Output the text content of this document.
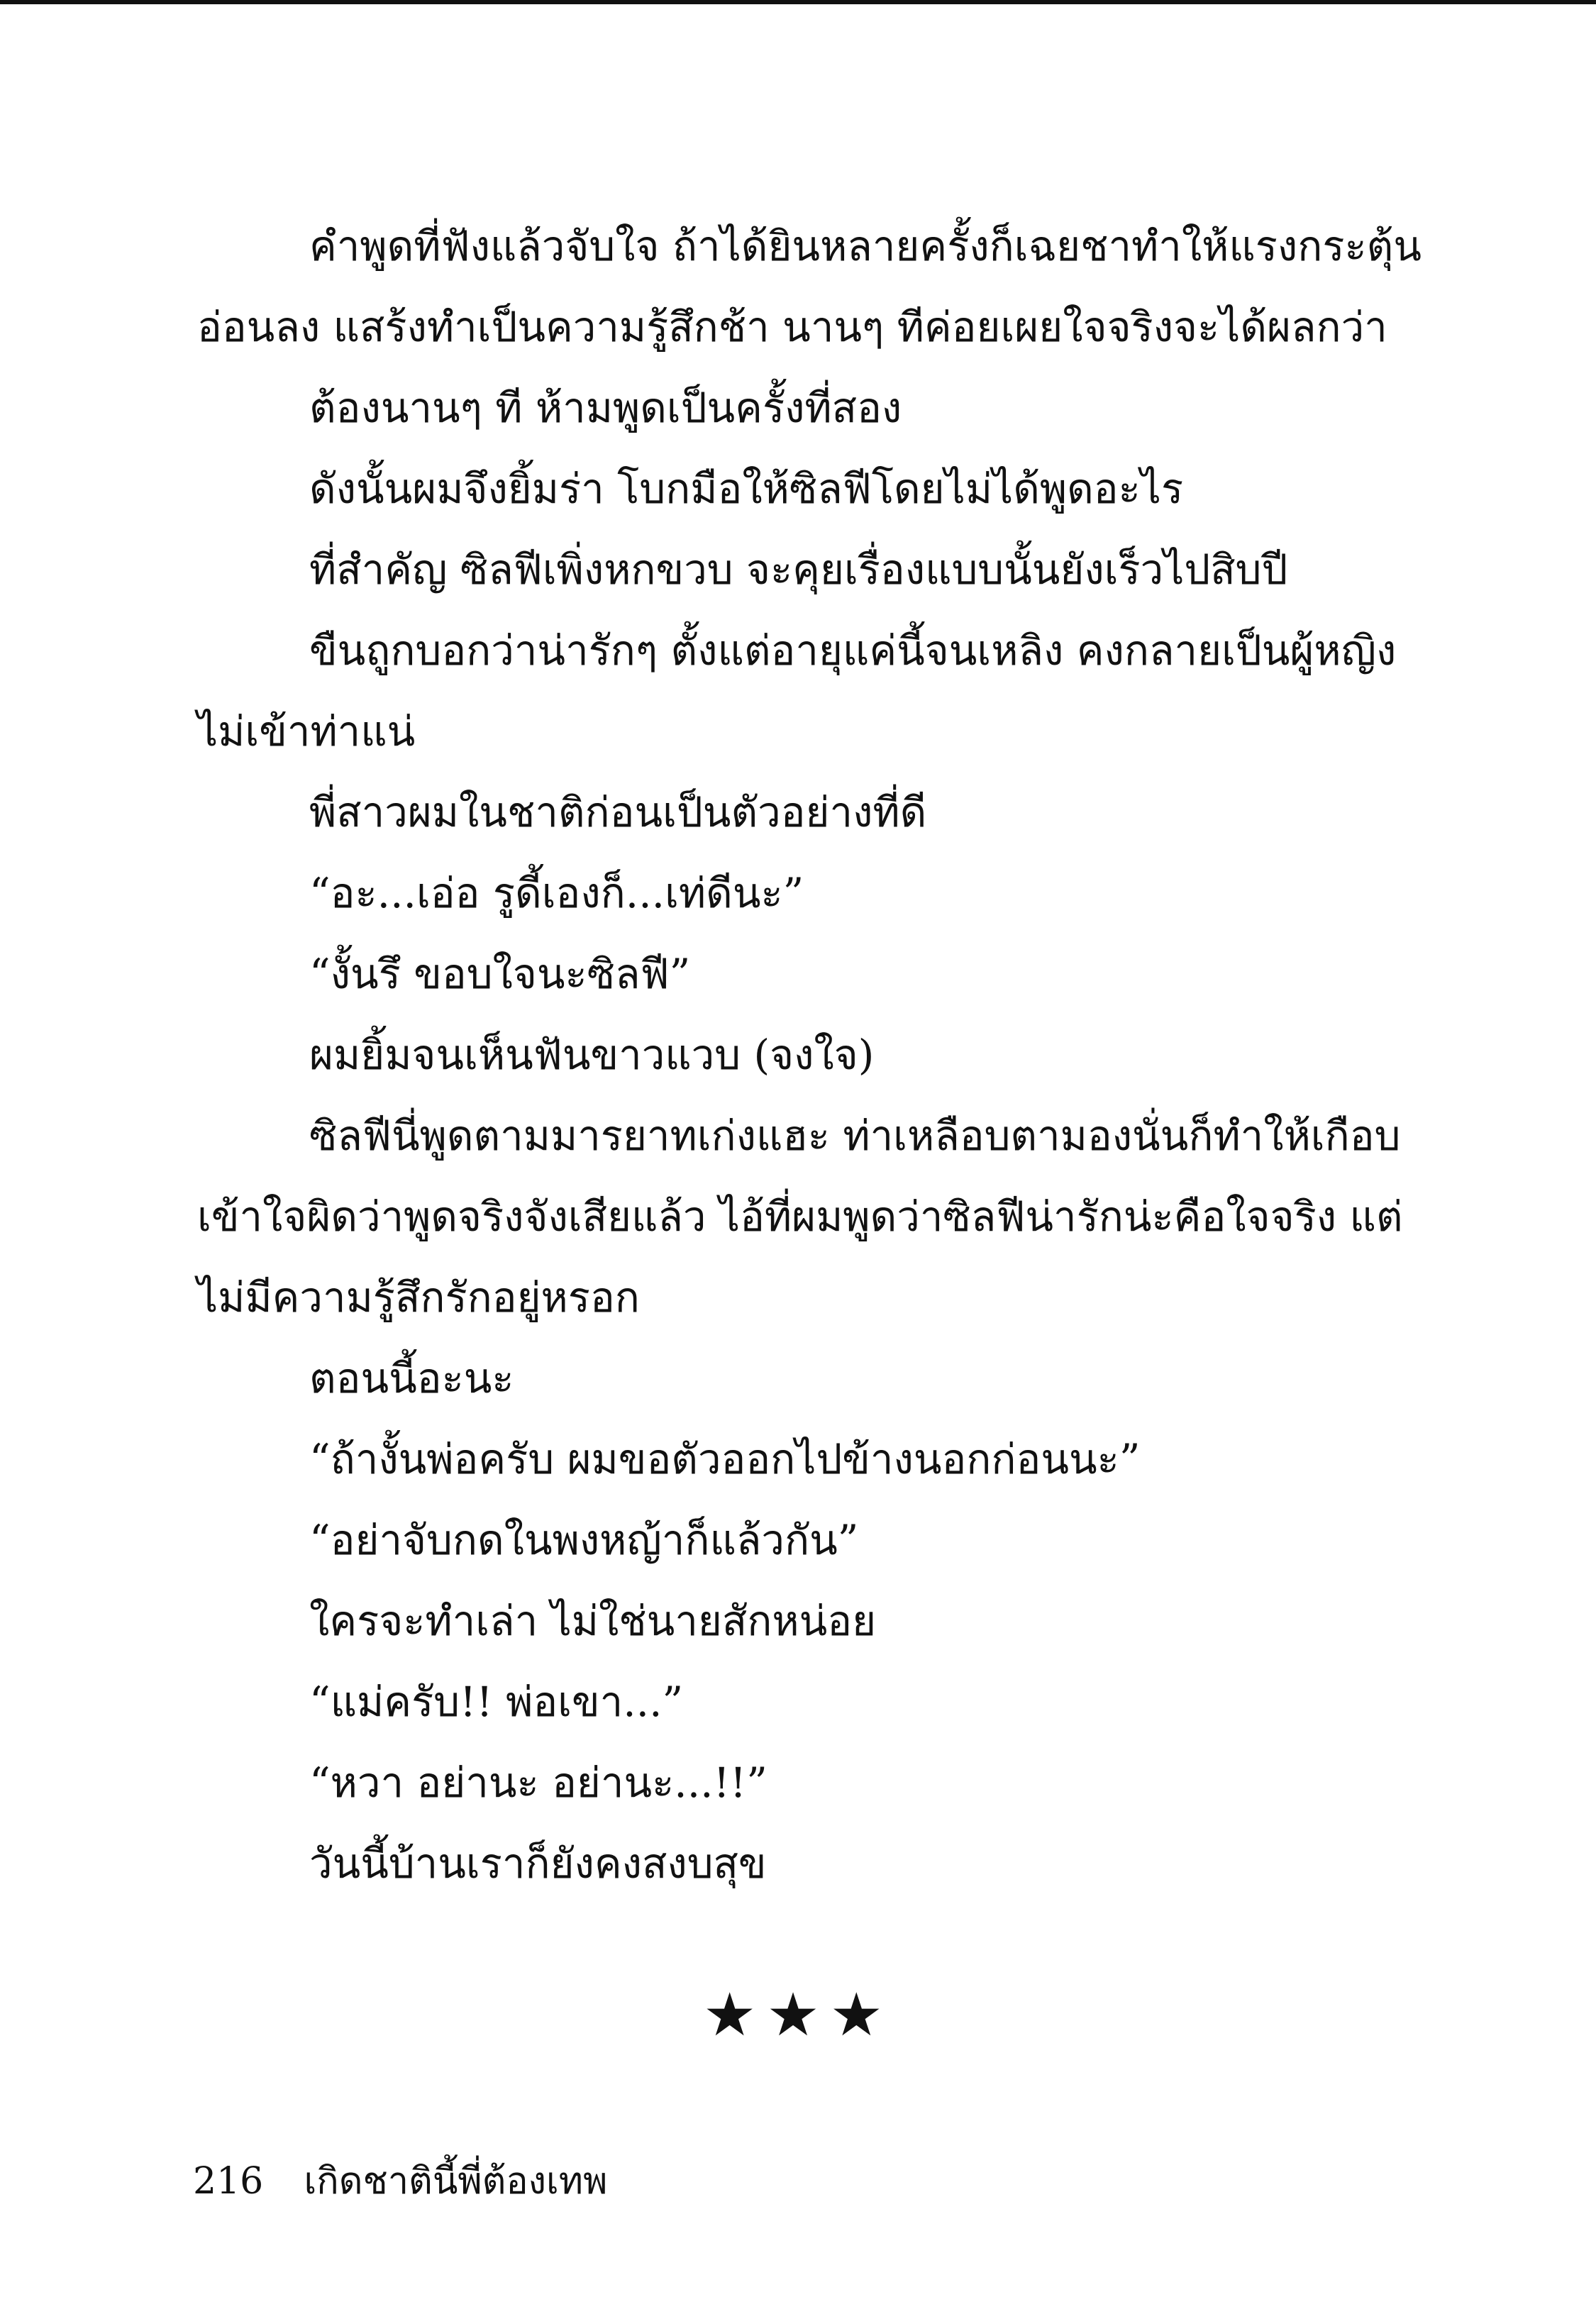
คำพูดที่ฟังแล้วจับใจ ถ้าได้ยินหลายครั้งก็เฉยชาทำให้แรงกระตุ้น
อ่อนลง แสร้งทำเป็นความรู้สึกช้า นานๆ ทีค่อยเผยใจจริงจะได้ผลกว่า
ต้องนานๆ ที ห้ามพูดเป็นครั้งที่สอง
ดังนั้นผมจึงยิ้มร่า โบกมือให้ซิลฟีโดยไม่ได้พูดอะไร
ที่สำคัญ ซิลฟีเพิ่งหกขวบ จะคุยเรื่องแบบนั้นยังเร็วไปสิบปี
ขืนถูกบอกว่าน่ารักๆ ตั้งแต่อายุแค่นี้จนเหลิง คงกลายเป็นผู้หญิง
ไม่เข้าท่าแน่
พี่สาวผมในชาติก่อนเป็นตัวอย่างที่ดี
“อะ...เอ่อ รูดี้เองก็...เท่ดีนะ”
“งั้นรึ ขอบใจนะซิลฟี”
ผมยิ้มจนเห็นฟันขาวแวบ (จงใจ)
ซิลฟีนี่พูดตามมารยาทเก่งแฮะ ท่าเหลือบตามองนั่นก็ทำให้เกือบ
เข้าใจผิดว่าพูดจริงจังเสียแล้ว ไอ้ที่ผมพูดว่าซิลฟีน่ารักน่ะคือใจจริง แต่
ไม่มีความรู้สึกรักอยู่หรอก
ตอนนี้อะนะ
“ถ้างั้นพ่อครับ ผมขอตัวออกไปข้างนอกก่อนนะ”
“อย่าจับกดในพงหญ้าก็แล้วกัน”
ใครจะทำเล่า ไม่ใช่นายสักหน่อย
“แม่ครับ!! พ่อเขา...”
“หวา อย่านะ อย่านะ...!!”
วันนี้บ้านเราก็ยังคงสงบสุข
★★★
216 เกิดชาตินี้พี่ต้องเทพ
